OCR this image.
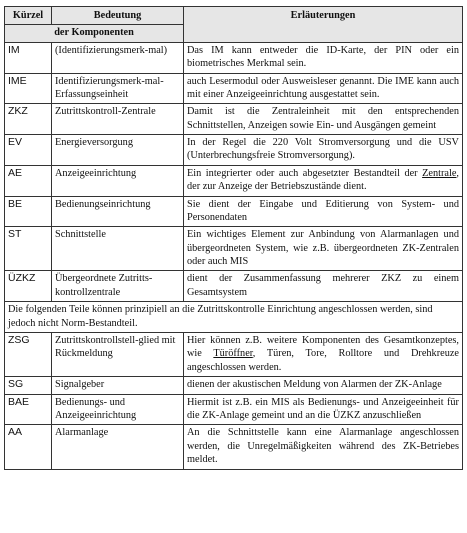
Kürzel	Bedeutung	Erläuterungen
der Komponenten		
IM	(Identifizierungsmerk-mal)	Das IM kann entweder die ID-Karte, der PIN oder ein biometrisches Merkmal sein.
IME	Identifizierungsmerk-mal-Erfassungseinheit	auch Lesermodul oder Ausweisleser genannt. Die IME kann auch mit einer Anzeigeeinrichtung ausgestattet sein.
ZKZ	Zutrittskontroll-Zentrale	Damit ist die Zentraleinheit mit den entsprechenden Schnittstellen, Anzeigen sowie Ein- und Ausgängen gemeint
EV	Energieversorgung	In der Regel die 220 Volt Stromversorgung und die USV (Unterbrechungsfreie Stromversorgung).
AE	Anzeigeeinrichtung	Ein integrierter oder auch abgesetzter Bestandteil der Zentrale, der zur Anzeige der Betriebszustände dient.
BE	Bedienungseinrichtung	Sie dient der Eingabe und Editierung von System- und Personendaten
ST	Schnittstelle	Ein wichtiges Element zur Anbindung von Alarmanlagen und übergeordneten System, wie z.B. übergeordneten ZK-Zentralen oder auch MIS
ÜZKZ	Übergeordnete Zutritts-kontrollzentrale	dient der Zusammenfassung mehrerer ZKZ zu einem Gesamtsystem
Die folgenden Teile können prinzipiell an die Zutrittskontrolle Einrichtung angeschlossen werden, sind jedoch nicht Norm-Bestandteil.		
ZSG	Zutrittskontrollstell-glied mit Rückmeldung	Hier können z.B. weitere Komponenten des Gesamtkonzeptes, wie Türöffner, Türen, Tore, Rolltore und Drehkreuze angeschlossen werden.
SG	Signalgeber	dienen der akustischen Meldung von Alarmen der ZK-Anlage
BAE	Bedienungs- und Anzeigeeinrichtung	Hiermit ist z.B. ein MIS als Bedienungs- und Anzeigeeinheit für die ZK-Anlage gemeint und an die ÜZKZ anzuschließen
AA	Alarmanlage	An die Schnittstelle kann eine Alarmanlage angeschlossen werden, die Unregelmäßigkeiten während des ZK-Betriebes meldet.
